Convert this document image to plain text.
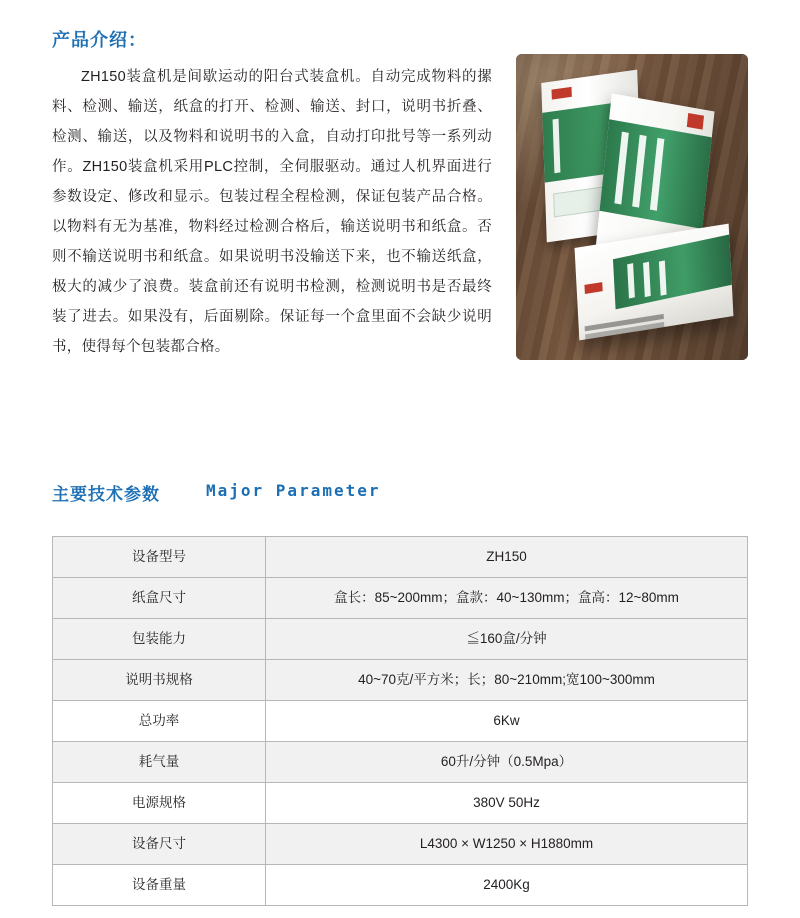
产品介绍：
ZH150装盒机是间歇运动的阳台式装盒机。自动完成物料的摞料、检测、输送，纸盒的打开、检测、输送、封口，说明书折叠、检测、输送，以及物料和说明书的入盒，自动打印批号等一系列动作。ZH150装盒机采用PLC控制，全伺服驱动。通过人机界面进行参数设定、修改和显示。包装过程全程检测，保证包装产品合格。以物料有无为基准，物料经过检测合格后，输送说明书和纸盒。否则不输送说明书和纸盒。如果说明书没输送下来，也不输送纸盒，极大的减少了浪费。装盒前还有说明书检测，检测说明书是否最终装了进去。如果没有，后面剔除。保证每一个盒里面不会缺少说明书，使得每个包装都合格。
主要技术参数	Major Parameter
设备型号	ZH150
纸盒尺寸	盒长：85~200mm；盒款：40~130mm；盒高：12~80mm
包装能力	≦160盒/分钟
说明书规格	40~70克/平方米；长；80~210mm;宽100~300mm
总功率	6Kw
耗气量	60升/分钟（0.5Mpa）
电源规格	380V 50Hz
设备尺寸	L4300 × W1250 × H1880mm
设备重量	2400Kg
